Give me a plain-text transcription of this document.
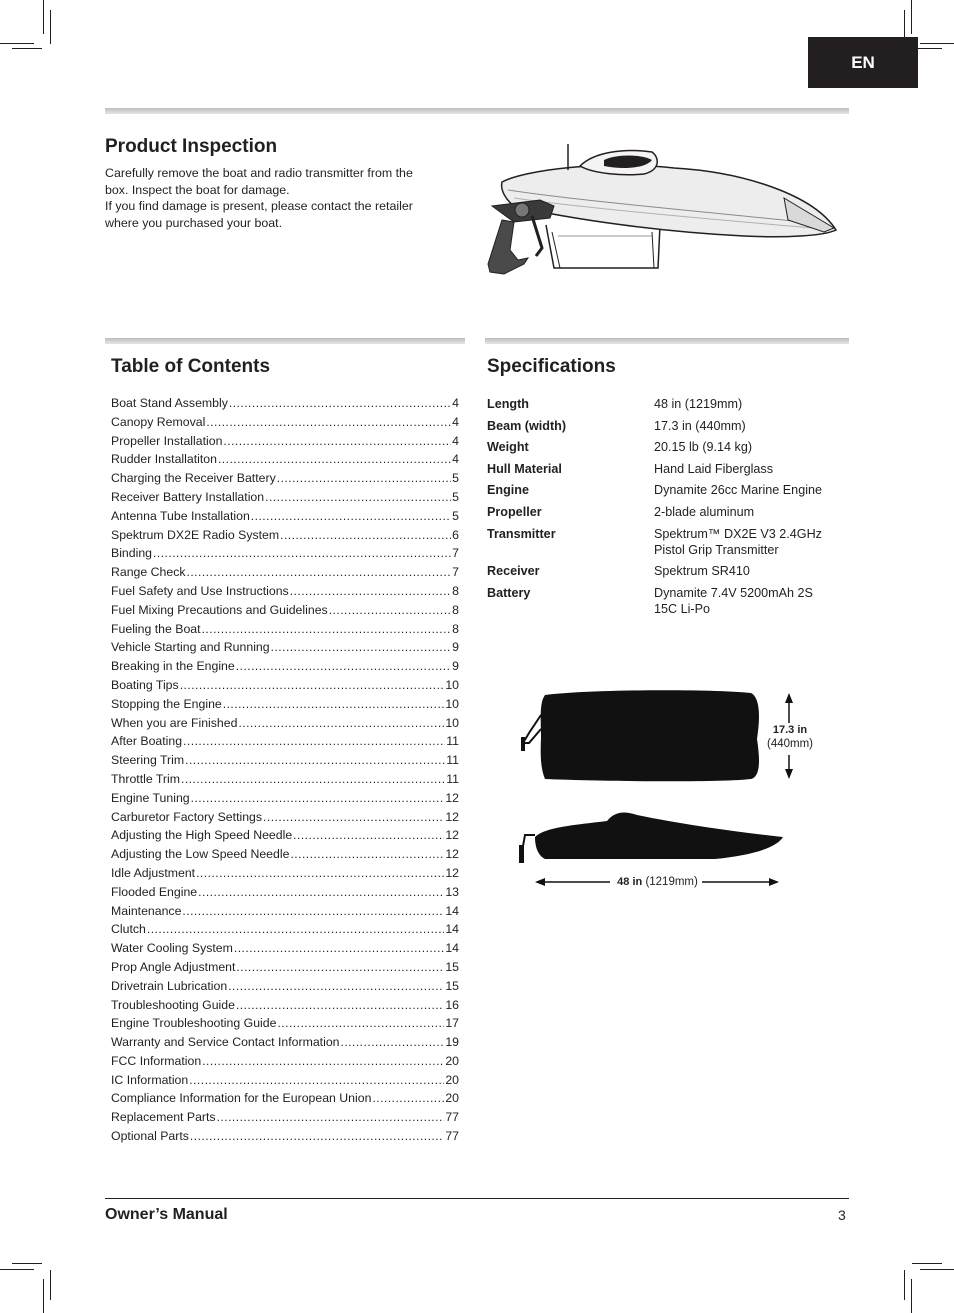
EN
Product Inspection
Carefully remove the boat and radio transmitter from the
box. Inspect the boat for damage.
If you find damage is present, please contact the retailer
where you purchased your boat.
Table of Contents
Boat Stand Assembly .....	4
Canopy Removal .....	4
Propeller Installation .....	4
Rudder Installatiton .....	4
Charging the Receiver Battery .....	5
Receiver Battery Installation .....	5
Antenna Tube Installation .....	5
Spektrum DX2E Radio System .....	6
Binding .....	7
Range Check .....	7
Fuel Safety and Use Instructions .....	8
Fuel Mixing Precautions and Guidelines .....	8
Fueling the Boat .....	8
Vehicle Starting and Running .....	9
Breaking in the Engine .....	9
Boating Tips .....	10
Stopping the Engine .....	10
When you are Finished .....	10
After Boating .....	11
Steering Trim .....	11
Throttle Trim .....	11
Engine Tuning .....	12
Carburetor Factory Settings .....	12
Adjusting the High Speed Needle .....	12
Adjusting the Low Speed Needle .....	12
Idle Adjustment .....	12
Flooded Engine .....	13
Maintenance .....	14
Clutch .....	14
Water Cooling System .....	14
Prop Angle Adjustment .....	15
Drivetrain Lubrication .....	15
Troubleshooting Guide .....	16
Engine Troubleshooting Guide .....	17
Warranty and Service Contact Information .....	19
FCC Information .....	20
IC Information .....	20
Compliance Information for the European Union .....	20
Replacement Parts .....	77
Optional Parts .....	77
Specifications
Length	48 in (1219mm)
Beam (width)	17.3 in (440mm)
Weight	20.15 lb (9.14 kg)
Hull Material	Hand Laid Fiberglass
Engine	Dynamite 26cc Marine Engine
Propeller	2-blade aluminum
Transmitter	Spektrum™ DX2E V3 2.4GHz
Pistol Grip Transmitter
Receiver	Spektrum SR410
Battery	Dynamite 7.4V 5200mAh 2S
15C Li-Po
17.3 in
(440mm)
48 in (1219mm)
Owner’s Manual	3
